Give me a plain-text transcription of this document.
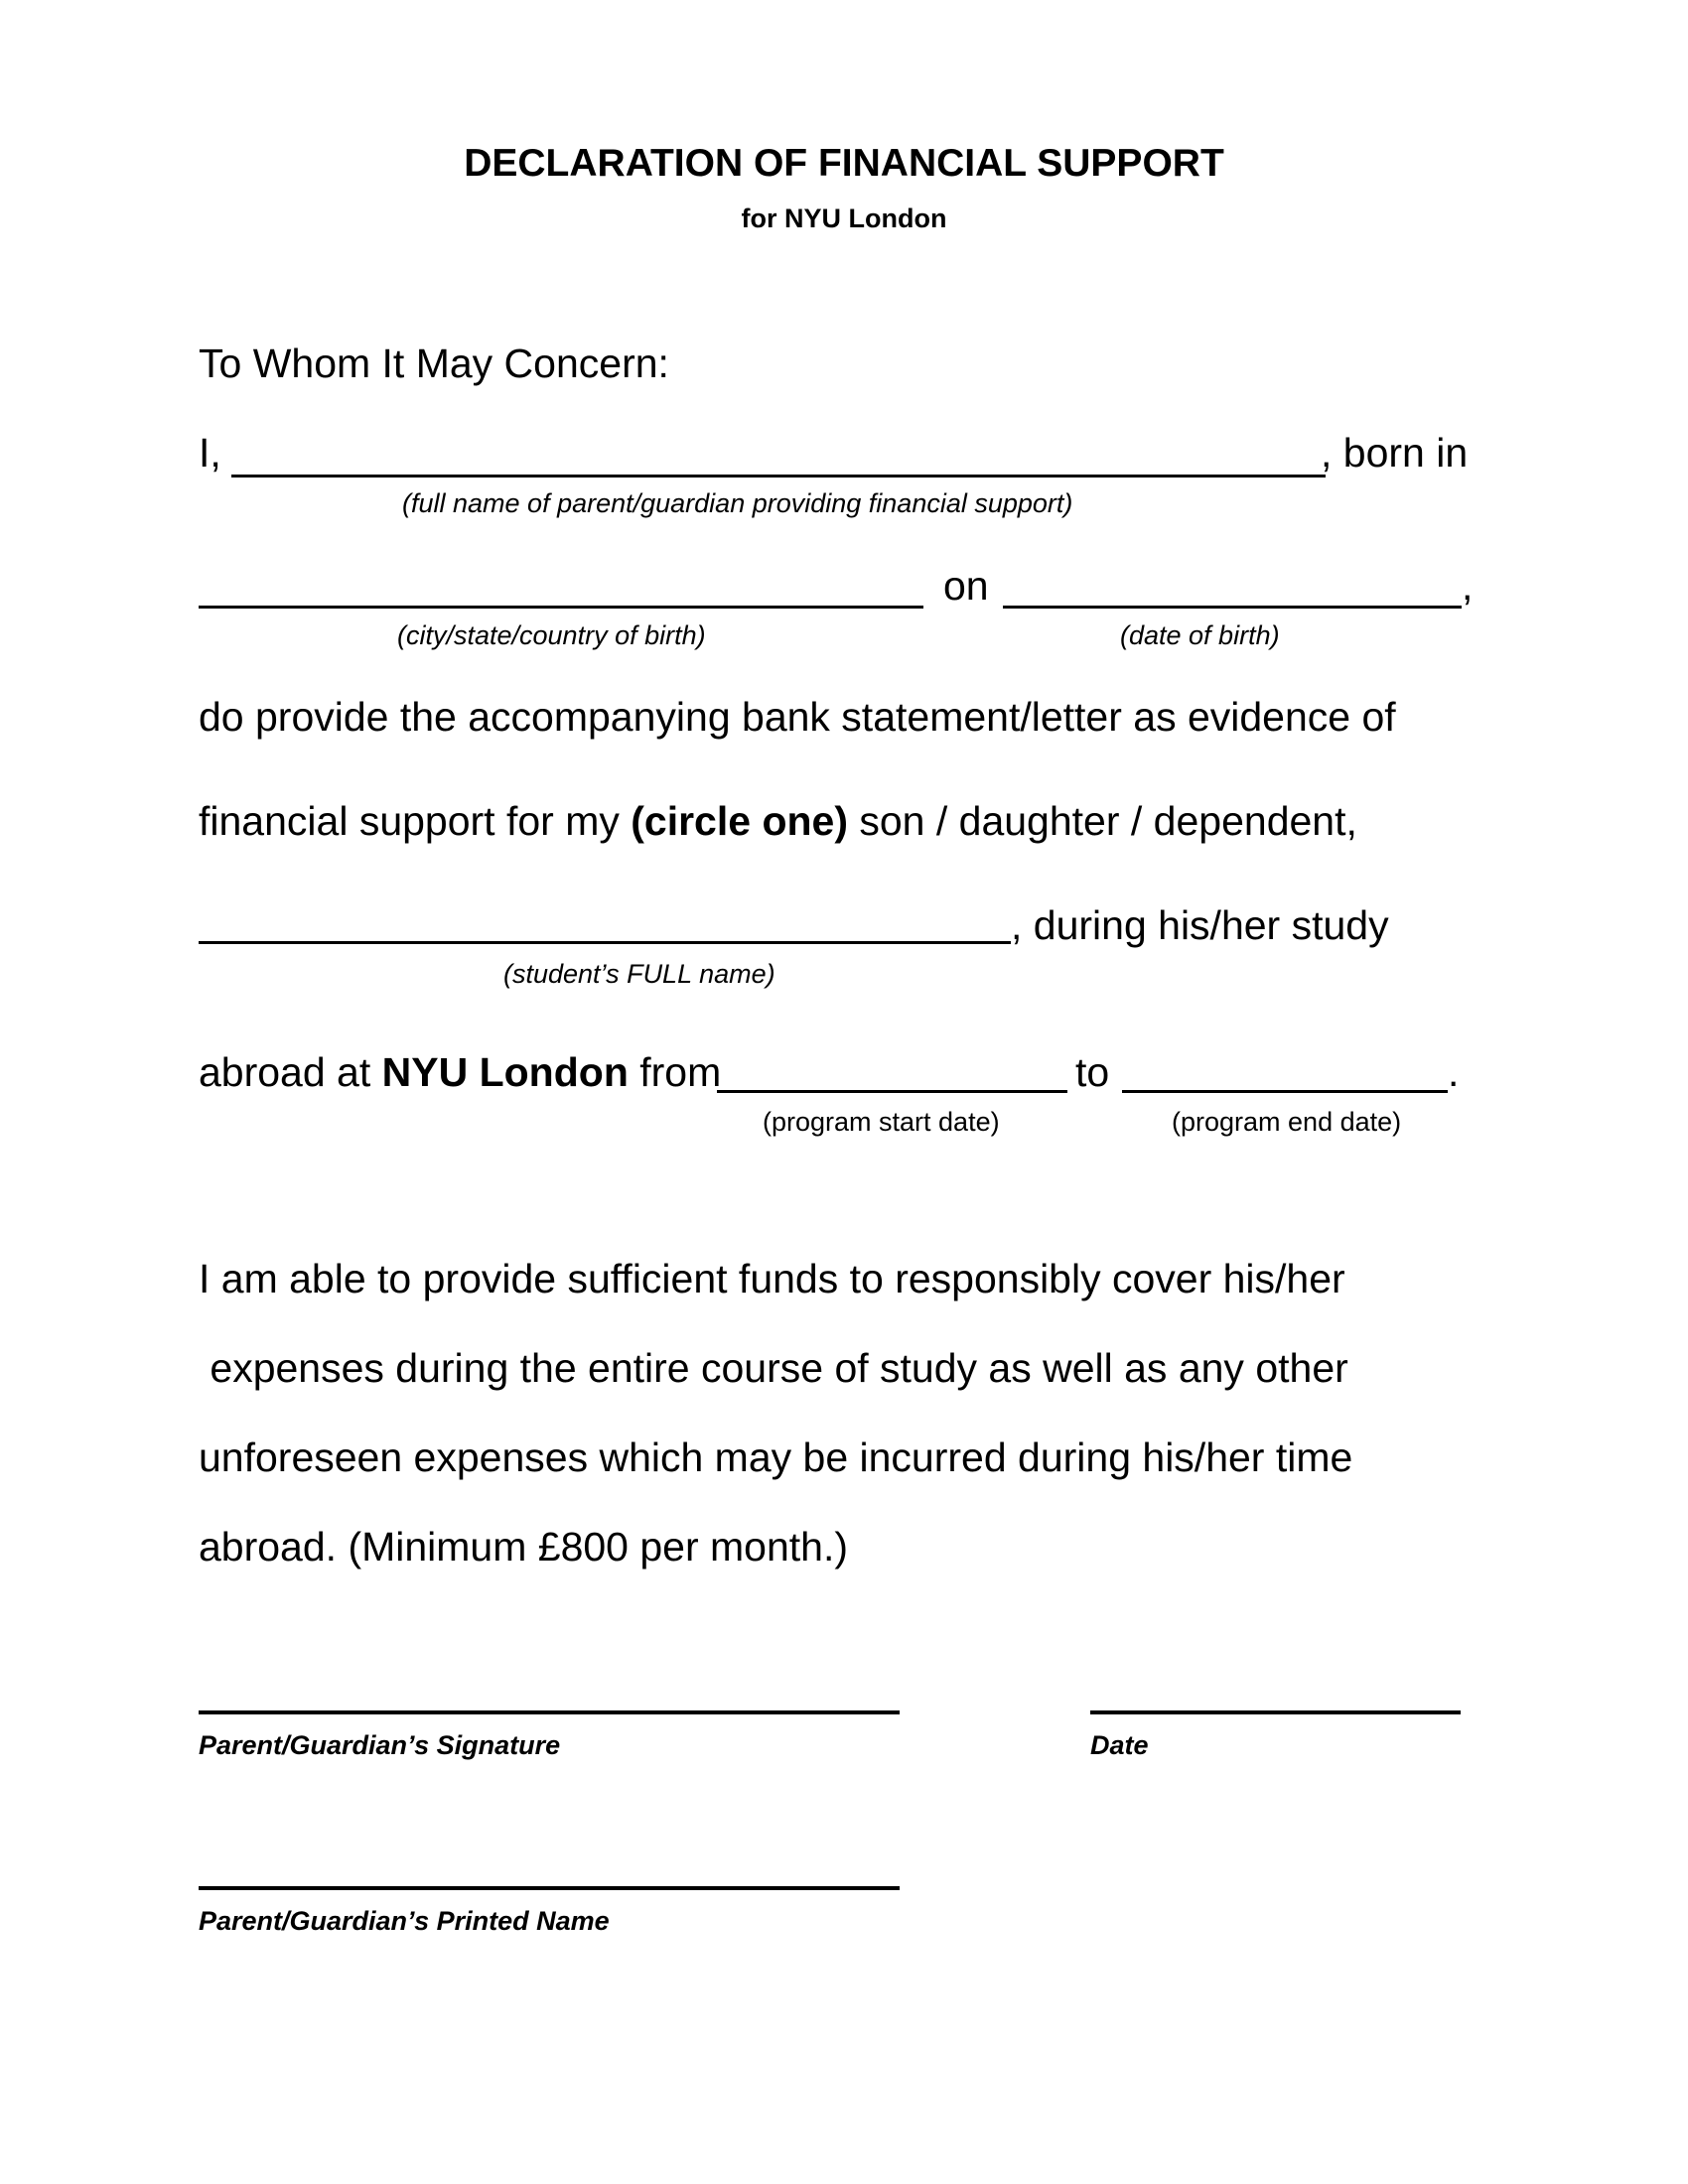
DECLARATION OF FINANCIAL SUPPORT
for NYU London
To Whom It May Concern:
I,	, born in
(full name of parent/guardian providing financial support)
on	,
(city/state/country of birth)	(date of birth)
do provide the accompanying bank statement/letter as evidence of
financial support for my (circle one) son / daughter / dependent,
, during his/her study
(student’s FULL name)
abroad at NYU London from	to	.
(program start date)	(program end date)
I am able to provide sufficient funds to responsibly cover his/her
expenses during the entire course of study as well as any other
unforeseen expenses which may be incurred during his/her time
abroad. (Minimum £800 per month.)
Parent/Guardian’s Signature	Date
Parent/Guardian’s Printed Name
